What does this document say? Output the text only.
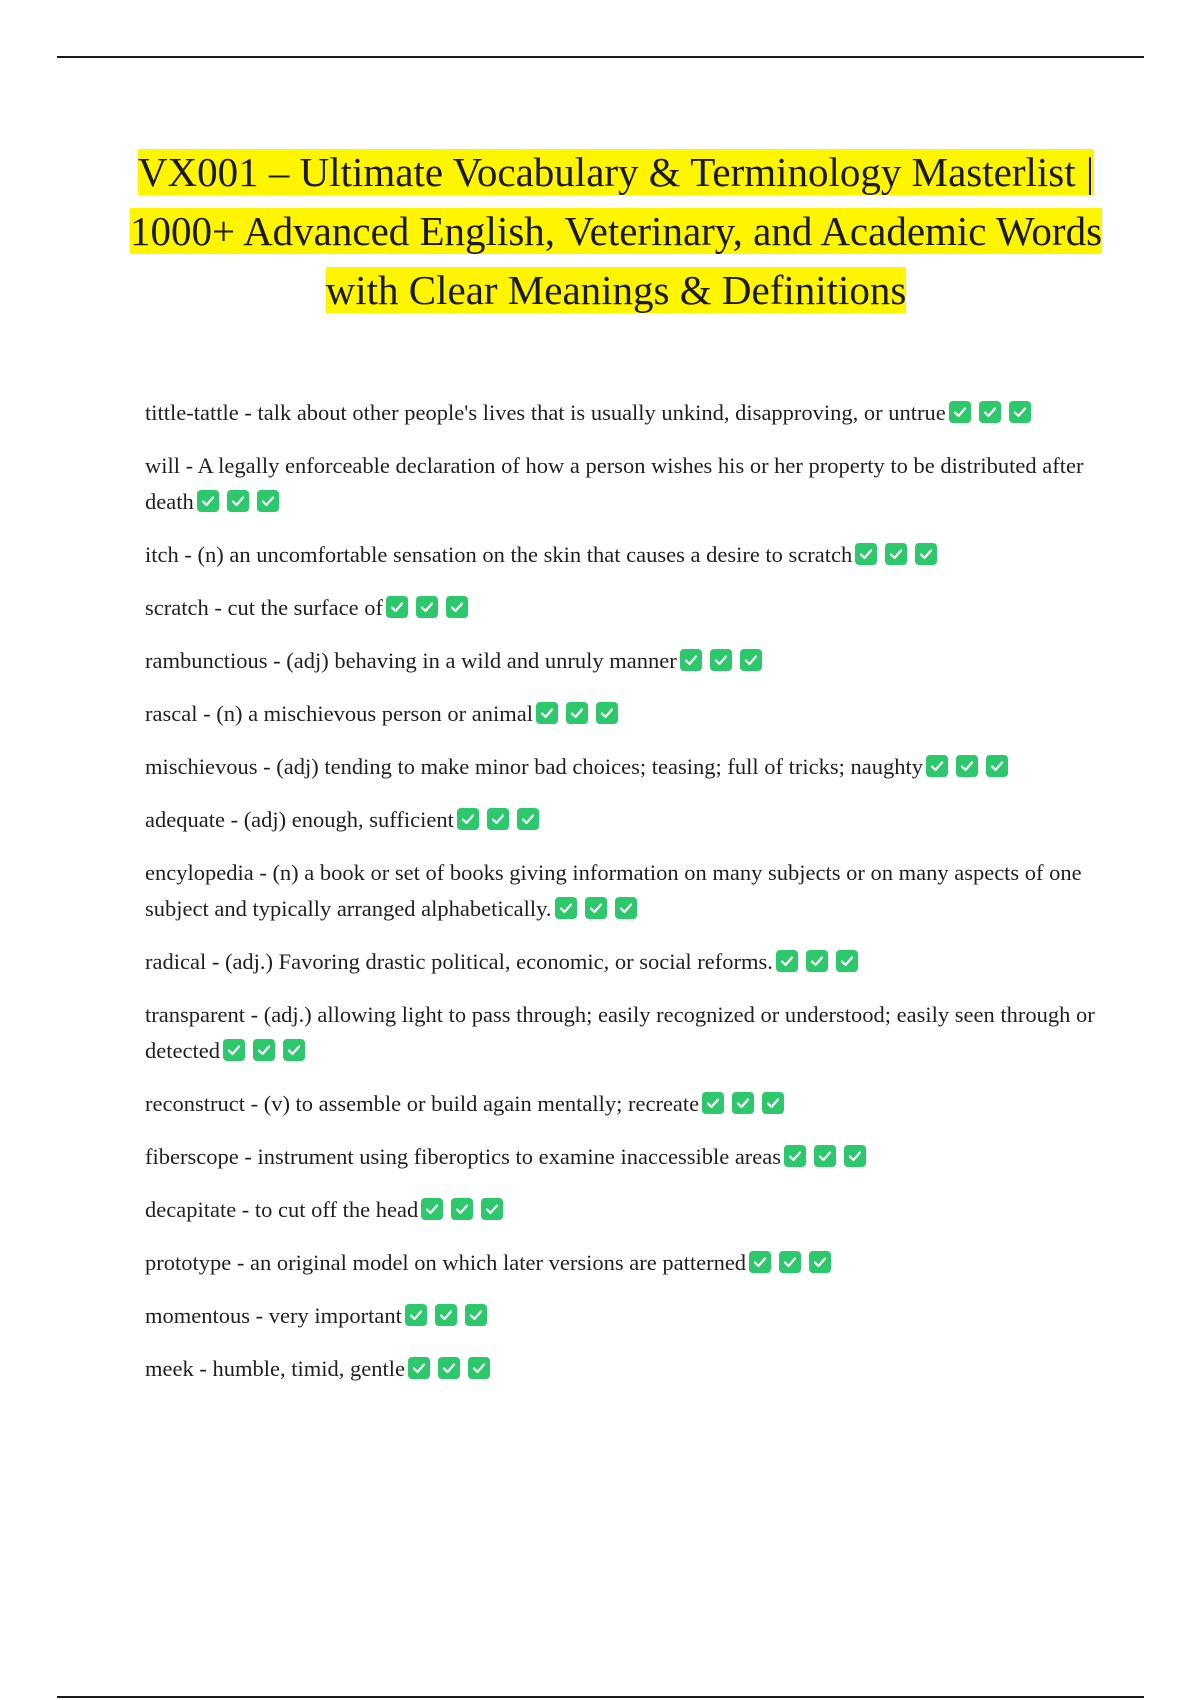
VX001 – Ultimate Vocabulary & Terminology Masterlist | 1000+ Advanced English, Veterinary, and Academic Words with Clear Meanings & Definitions

tittle-tattle - talk about other people's lives that is usually unkind, disapproving, or untrue

will - A legally enforceable declaration of how a person wishes his or her property to be distributed after death

itch - (n) an uncomfortable sensation on the skin that causes a desire to scratch

scratch - cut the surface of

rambunctious - (adj) behaving in a wild and unruly manner

rascal - (n) a mischievous person or animal

mischievous - (adj) tending to make minor bad choices; teasing; full of tricks; naughty

adequate - (adj) enough, sufficient

encylopedia - (n) a book or set of books giving information on many subjects or on many aspects of one subject and typically arranged alphabetically.

radical - (adj.) Favoring drastic political, economic, or social reforms.

transparent - (adj.) allowing light to pass through; easily recognized or understood; easily seen through or detected

reconstruct - (v) to assemble or build again mentally; recreate

fiberscope - instrument using fiberoptics to examine inaccessible areas

decapitate - to cut off the head

prototype - an original model on which later versions are patterned

momentous - very important

meek - humble, timid, gentle
